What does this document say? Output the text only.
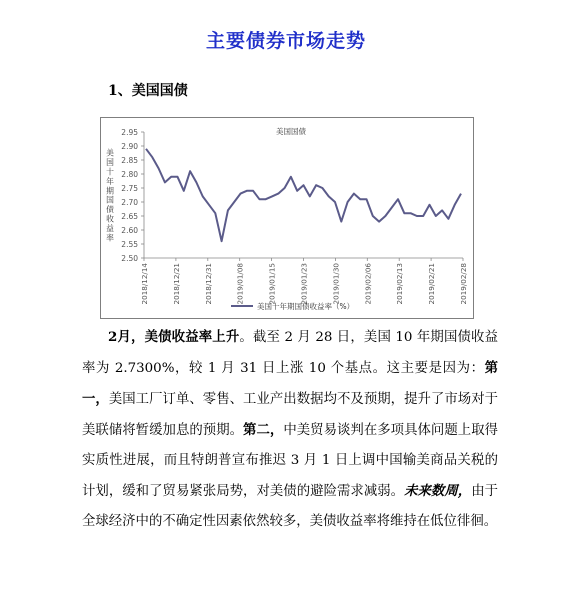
主要债券市场走势
1、美国国债
2.95
2.90
2.85
2.80
2.75
2.70
2.65
2.60
2.55
2.50
2018/12/14	2018/12/21	2018/12/31	2019/01/08	2019/01/15	2019/01/23	2019/01/30	2019/02/06	2019/02/13	2019/02/21	2019/02/28
美国国债
美国十年期国债收益率
美国十年期国债收益率（%）

2月，美债收益率上升。截至 2 月 28 日，美国 10 年期国债收益率为 2.7300%，较 1 月 31 日上涨 10 个基点。这主要是因为：第一，美国工厂订单、零售、工业产出数据均不及预期，提升了市场对于美联储将暂缓加息的预期。第二，中美贸易谈判在多项具体问题上取得实质性进展，而且特朗普宣布推迟 3 月 1 日上调中国输美商品关税的计划，缓和了贸易紧张局势，对美债的避险需求减弱。未来数周，由于全球经济中的不确定性因素依然较多，美债收益率将维持在低位徘徊。
